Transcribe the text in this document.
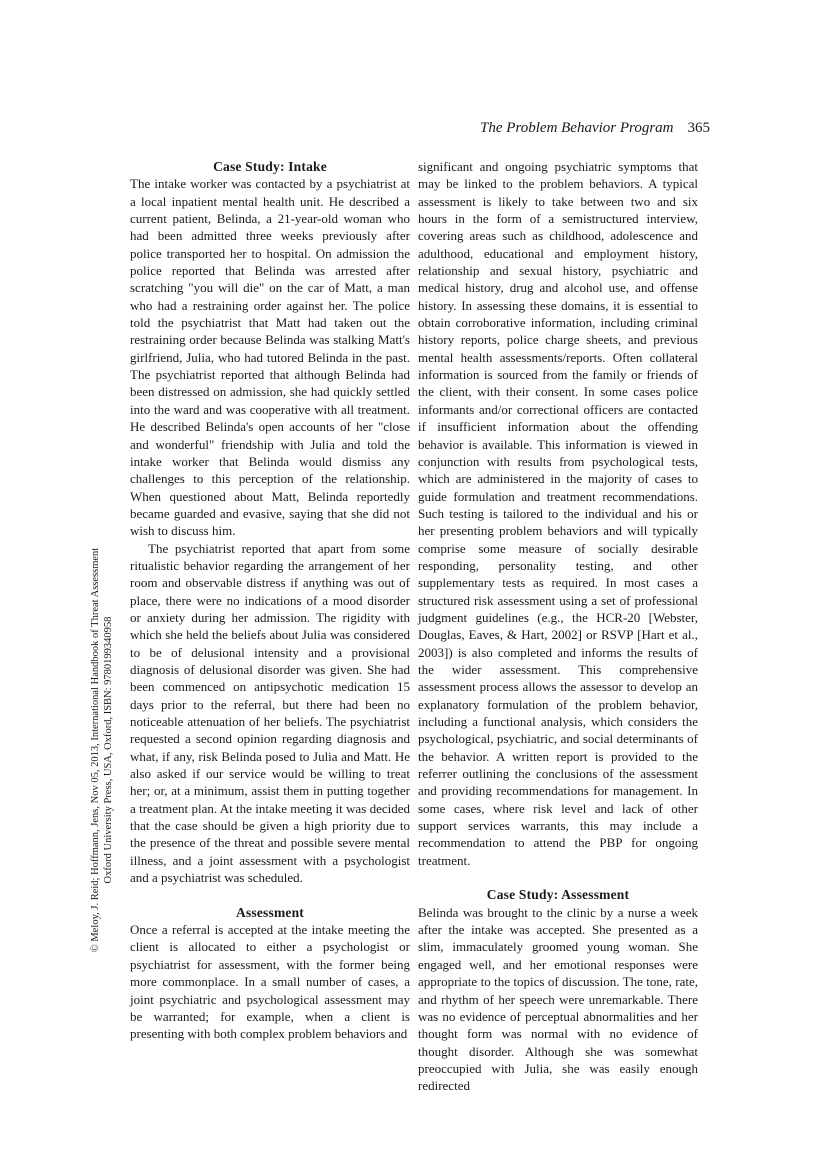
The Problem Behavior Program 365
© Meloy, J. Reid; Hoffmann, Jens, Nov 05, 2013, International Handbook of Threat Assessment Oxford University Press, USA, Oxford, ISBN: 9780199340958
Case Study: Intake

The intake worker was contacted by a psychiatrist at a local inpatient mental health unit. He described a current patient, Belinda, a 21-year-old woman who had been admitted three weeks previously after police transported her to hospital. On admission the police reported that Belinda was arrested after scratching "you will die" on the car of Matt, a man who had a restraining order against her. The police told the psychiatrist that Matt had taken out the restraining order because Belinda was stalking Matt's girlfriend, Julia, who had tutored Belinda in the past. The psychiatrist reported that although Belinda had been distressed on admission, she had quickly settled into the ward and was cooperative with all treatment. He described Belinda's open accounts of her "close and wonderful" friendship with Julia and told the intake worker that Belinda would dismiss any challenges to this perception of the relationship. When questioned about Matt, Belinda reportedly became guarded and evasive, saying that she did not wish to discuss him.

The psychiatrist reported that apart from some ritualistic behavior regarding the arrangement of her room and observable distress if anything was out of place, there were no indications of a mood disorder or anxiety during her admission. The rigidity with which she held the beliefs about Julia was considered to be of delusional intensity and a provisional diagnosis of delusional disorder was given. She had been commenced on antipsychotic medication 15 days prior to the referral, but there had been no noticeable attenuation of her beliefs. The psychiatrist requested a second opinion regarding diagnosis and what, if any, risk Belinda posed to Julia and Matt. He also asked if our service would be willing to treat her; or, at a minimum, assist them in putting together a treatment plan. At the intake meeting it was decided that the case should be given a high priority due to the presence of the threat and possible severe mental illness, and a joint assessment with a psychologist and a psychiatrist was scheduled.

Assessment

Once a referral is accepted at the intake meeting the client is allocated to either a psychologist or psychiatrist for assessment, with the former being more commonplace. In a small number of cases, a joint psychiatric and psychological assessment may be warranted; for example, when a client is presenting with both complex problem behaviors and

significant and ongoing psychiatric symptoms that may be linked to the problem behaviors. A typical assessment is likely to take between two and six hours in the form of a semistructured interview, covering areas such as childhood, adolescence and adulthood, educational and employment history, relationship and sexual history, psychiatric and medical history, drug and alcohol use, and offense history. In assessing these domains, it is essential to obtain corroborative information, including criminal history reports, police charge sheets, and previous mental health assessments/reports. Often collateral information is sourced from the family or friends of the client, with their consent. In some cases police informants and/or correctional officers are contacted if insufficient information about the offending behavior is available. This information is viewed in conjunction with results from psychological tests, which are administered in the majority of cases to guide formulation and treatment recommendations. Such testing is tailored to the individual and his or her presenting problem behaviors and will typically comprise some measure of socially desirable responding, personality testing, and other supplementary tests as required. In most cases a structured risk assessment using a set of professional judgment guidelines (e.g., the HCR-20 [Webster, Douglas, Eaves, & Hart, 2002] or RSVP [Hart et al., 2003]) is also completed and informs the results of the wider assessment. This comprehensive assessment process allows the assessor to develop an explanatory formulation of the problem behavior, including a functional analysis, which considers the psychological, psychiatric, and social determinants of the behavior. A written report is provided to the referrer outlining the conclusions of the assessment and providing recommendations for management. In some cases, where risk level and lack of other support services warrants, this may include a recommendation to attend the PBP for ongoing treatment.

Case Study: Assessment

Belinda was brought to the clinic by a nurse a week after the intake was accepted. She presented as a slim, immaculately groomed young woman. She engaged well, and her emotional responses were appropriate to the topics of discussion. The tone, rate, and rhythm of her speech were unremarkable. There was no evidence of perceptual abnormalities and her thought form was normal with no evidence of thought disorder. Although she was somewhat preoccupied with Julia, she was easily enough redirected
